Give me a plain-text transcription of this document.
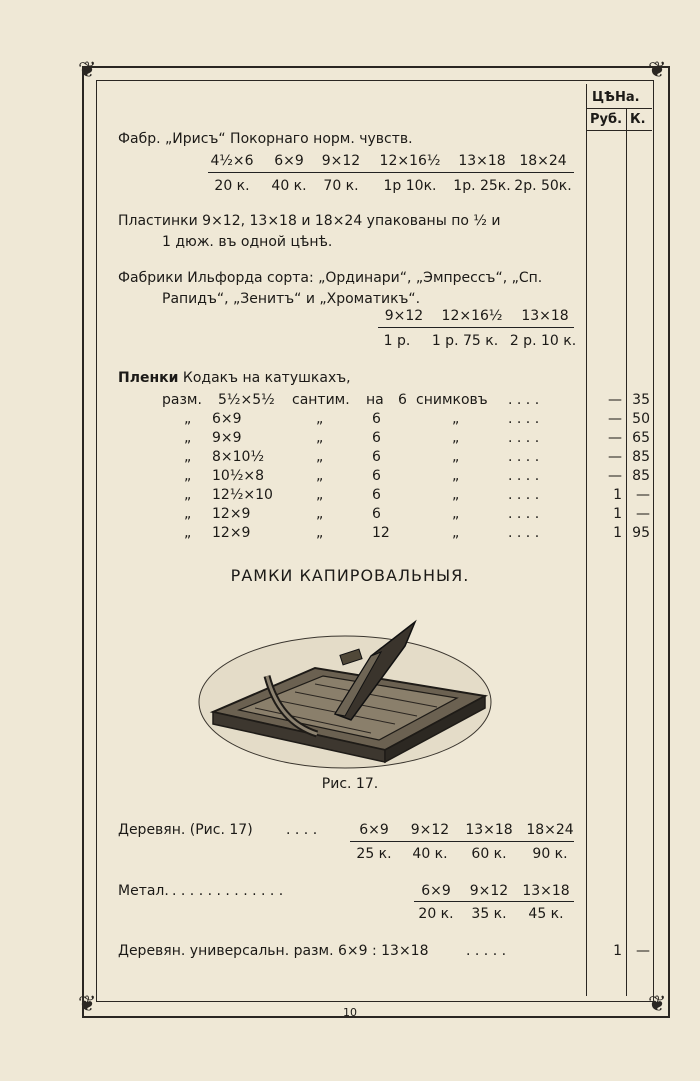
❦	❦
❦	❦
ЦѢНа.
Руб. К.
Фабр. „Ирисъ“ Покорнаго норм. чувств.
4½×6	6×9	9×12	12×16½	13×18 18×24
20 к.	40 к.	70 к.	1р 10к.	1р. 25к. 2р. 50к.
Пластинки 9×12, 13×18 и 18×24 упакованы по ½ и
1 дюж. въ одной цѣнѣ.
Фабрики Ильфорда сорта: „Ординари“, „Эмпрессъ“, „Сп.
Рапидъ“, „Зенитъ“ и „Хроматикъ“.
9×12	12×16½	13×18
1 р.	1 р. 75 к. 2 р. 10 к.
Пленки Кодакъ на катушкахъ,
разм. 5½×5½ сантим. на 6 снимковъ . . . .	— 35
„ 6×9	„	6	„	. . . .	— 50
„ 9×9	„	6	„	. . . .	— 65
„ 8×10½	„	6	„	. . . .	— 85
„ 10½×8	„	6	„	. . . .	— 85
„ 12½×10	„	6	„	. . . .	1	—
„ 12×9	„	6	„	. . . .	1	—
„ 12×9	„	12	„	. . . .	1 95
РАМКИ КАПИРОВАЛЬНЫЯ.
Рис. 17.
Деревян. (Рис. 17) . . . .	6×9	9×12	13×18 18×24
25 к.	40 к.	60 к.	90 к.
Метал. . . . . . . . . . . . . .	6×9	9×12	13×18
20 к.	35 к.	45 к.
Деревян. универсальн. разм. 6×9 : 13×18	. . . . .	1	—
10
